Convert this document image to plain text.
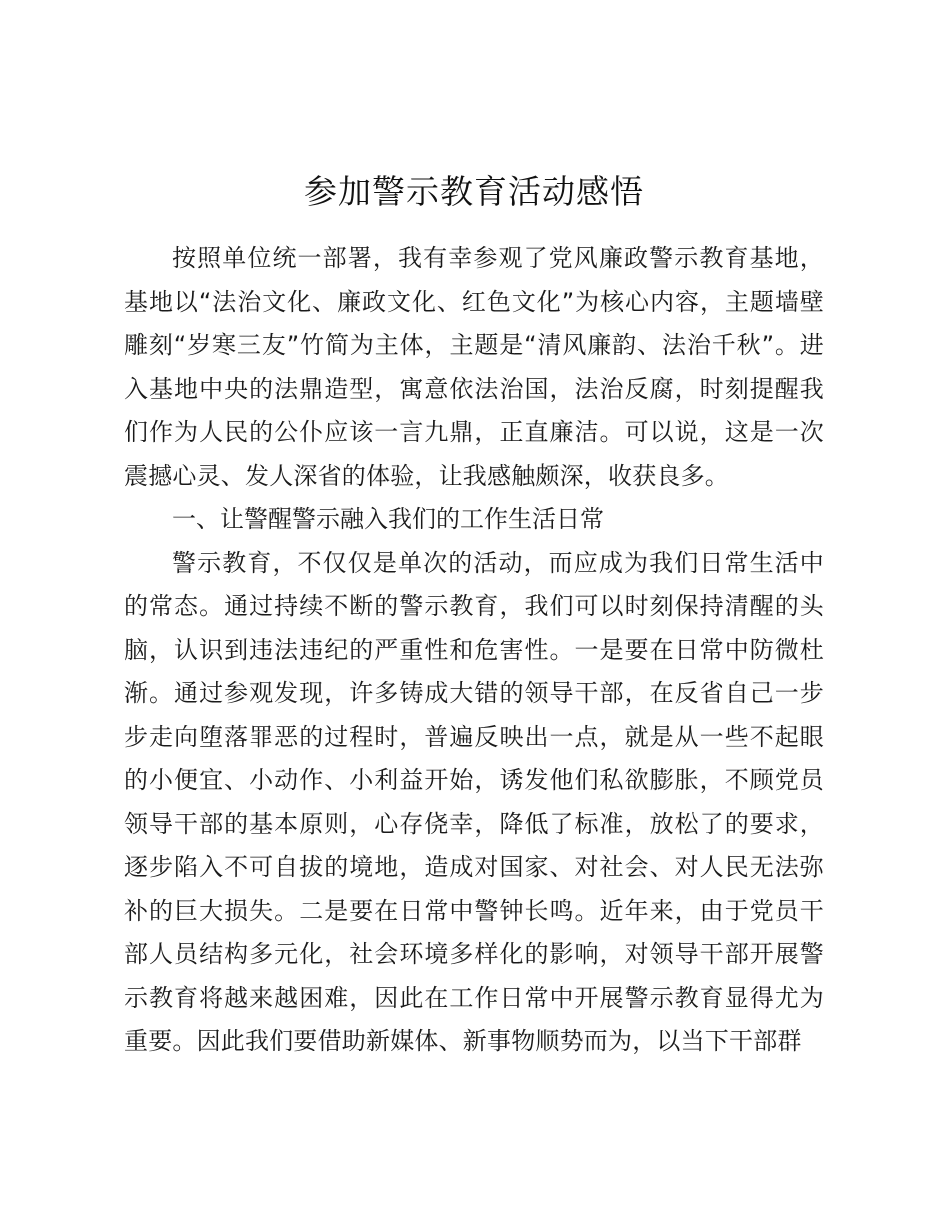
参加警示教育活动感悟

按照单位统一部署，我有幸参观了党风廉政警示教育基地，基地以“法治文化、廉政文化、红色文化”为核心内容，主题墙壁雕刻“岁寒三友”竹简为主体，主题是“清风廉韵、法治千秋”。进入基地中央的法鼎造型，寓意依法治国，法治反腐，时刻提醒我们作为人民的公仆应该一言九鼎，正直廉洁。可以说，这是一次震撼心灵、发人深省的体验，让我感触颇深，收获良多。

一、让警醒警示融入我们的工作生活日常

警示教育，不仅仅是单次的活动，而应成为我们日常生活中的常态。通过持续不断的警示教育，我们可以时刻保持清醒的头脑，认识到违法违纪的严重性和危害性。一是要在日常中防微杜渐。通过参观发现，许多铸成大错的领导干部，在反省自己一步步走向堕落罪恶的过程时，普遍反映出一点，就是从一些不起眼的小便宜、小动作、小利益开始，诱发他们私欲膨胀，不顾党员领导干部的基本原则，心存侥幸，降低了标准，放松了的要求，逐步陷入不可自拔的境地，造成对国家、对社会、对人民无法弥补的巨大损失。二是要在日常中警钟长鸣。近年来，由于党员干部人员结构多元化，社会环境多样化的影响，对领导干部开展警示教育将越来越困难，因此在工作日常中开展警示教育显得尤为重要。因此我们要借助新媒体、新事物顺势而为，以当下干部群
